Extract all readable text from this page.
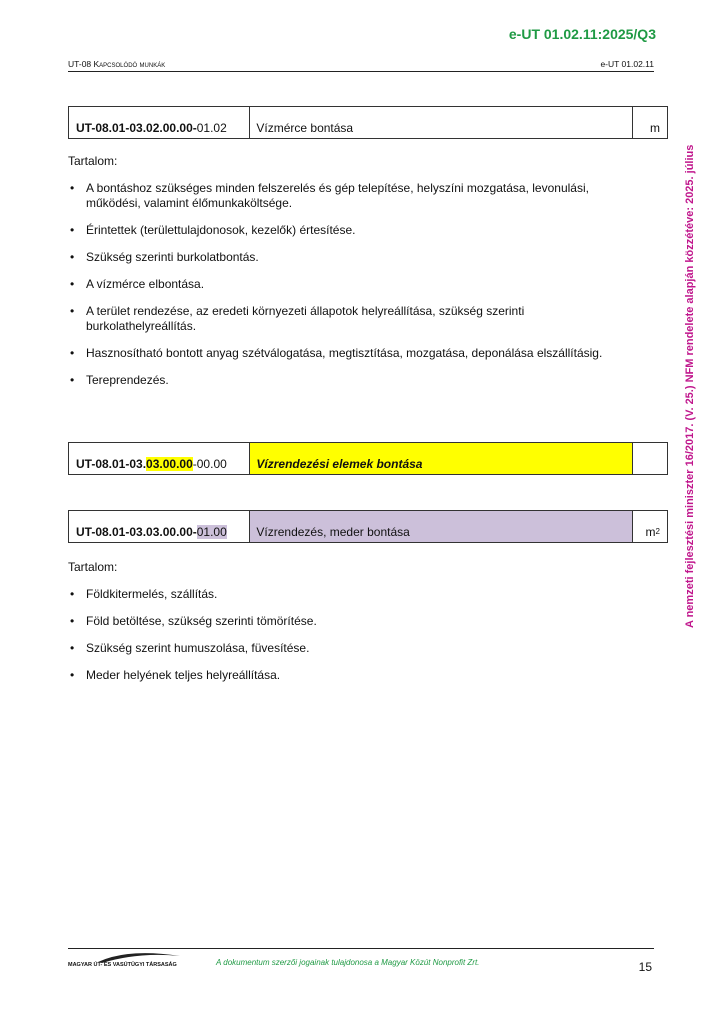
e-UT 01.02.11:2025/Q3
UT-08 Kapcsolódó munkák	e-UT 01.02.11
A nemzeti fejlesztési miniszter 16/2017. (V. 25.) NFM rendelete alapján közzétéve: 2025. július
UT-08.01-03.02.00.00- 01.02	Vízmérce bontása	m
Tartalom:
• A bontáshoz szükséges minden felszerelés és gép telepítése, helyszíni mozgatása, levonulási, működési, valamint élőmunkaköltsége.
• Érintettek (területtulajdonosok, kezelők) értesítése.
• Szükség szerinti burkolatbontás.
• A vízmérce elbontása.
• A terület rendezése, az eredeti környezeti állapotok helyreállítása, szükség szerinti burkolathelyreállítás.
• Hasznosítható bontott anyag szétválogatása, megtisztítása, mozgatása, deponálása elszállításig.
• Tereprendezés.
UT-08.01-03. 03.00.00 -00.00 Vízrendezési elemek bontása
UT-08.01-03.03.00.00- 01.00 Vízrendezés, meder bontása	m 2
Tartalom:
• Földkitermelés, szállítás.
• Föld betöltése, szükség szerinti tömörítése.
• Szükség szerint humuszolása, füvesítése.
• Meder helyének teljes helyreállítása.
MAGYAR ÚT- ÉS VASÚTÜGYI TÁRSASÁG	A dokumentum szerzői jogainak tulajdonosa a Magyar Közút Nonprofit Zrt.	15
